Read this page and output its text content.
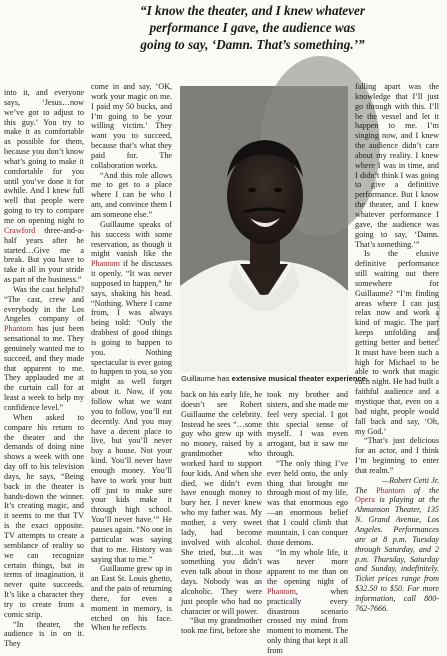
“I know the theater, and I knew whatever
performance I gave, the audience was
going to say, ‘Damn. That’s something.’”

into it, and everyone says, ‘Jesus…now we’ve got to adjust to this guy.’ You try to make it as comfortable as possible for them, because you don’t know what’s going to make it comfortable for you until you’ve done it for awhile. And I knew full well that people were going to try to compare me on opening night to Crawford three-and-a-half years after he started…Give me a break. But you have to take it all in your stride as part of the business.”

Was the cast helpful? “The cast, crew and everybody in the Los Angeles company of Phantom has just been sensational to me. They genuinely wanted me to succeed, and they made that apparent to me. They applauded me at the curtain call for at least a week to help my confidence level.”

When asked to compare his return to the theater and the demands of doing nine shows a week with one day off to his television days, he says, “Being back in the theater is hands-down the winner. It’s creating magic, and it seems to me that TV is the exact opposite. TV attempts to create a semblance of reality so we can recognize certain things, but in terms of imagination, it never quite succeeds. It’s like a character they try to create from a comic strip.

“In theater, the audience is in on it. They

come in and say, ‘OK, work your magic on me. I paid my 50 bucks, and I’m going to be your willing victim.’ They want you to succeed, because that’s what they paid for. The collaboration works.

“And this role allows me to get to a place where I can be who I am, and convince them I am someone else.”

Guillaume speaks of his success with some reservation, as though it might vanish like the Phantom if he discusses it openly. “It was never supposed to happen,” he says, shaking his head. “Nothing. Where I came from, I was always being told: ‘Only the drabbest of good things is going to happen to you. Nothing spectacular is ever going to happen to you, so you might as well forget about it. Now, if you follow what we want you to follow, you’ll eat decently. And you may have a decent place to live, but you’ll never buy a house. Not your kind. You’ll never have enough money. You’ll have to work your butt off just to make sure your kids make it through high school. You’ll never have.’” He pauses again. “No one in particular was saying that to me. History was saying that to me.”

Guillaume grew up in an East St. Louis ghetto, and the pain of returning there, for even a moment in memory, is etched on his face. When he reflects

Guillaume has extensive musical theater experience.
BRENT PURCELL

back on his early life, he doesn’t see Robert Guillaume the celebrity. Instead he sees “…some guy who grew up with no money, raised by a grandmother who worked hard to support four kids. And when she died, we didn’t even have enough money to bury her. I never knew who my father was. My mother, a very sweet lady, had become involved with alcohol. She tried, but…it was something you didn’t even talk about in those days. Nobody was an alcoholic. They were just people who had no character or will power.

“But my grandmother took me first, before she

took my brother and sisters, and she made me feel very special. I got this special sense of myself. I was even arrogant, but it saw me through.

“The only thing I’ve ever held onto, the only thing that brought me through most of my life, was that enormous ego—an enormous belief that I could climb that mountain, I can conquer those demons.

“In my whole life, it was never more apparent to me than on the opening night of Phantom, when practically every disastrous scenario crossed my mind from moment to moment. The only thing that kept it all from

falling apart was the knowledge that I’ll just go through with this. I’ll be the vessel and let it happen to me. I’m singing now, and I knew the audience didn’t care about my reality. I knew where I was in time, and I didn’t think I was going to give a definitive performance. But I know the theater, and I knew whatever performance I gave, the audience was going to say, ‘Damn. That’s something.’”

Is the elusive definitive performance still waiting out there somewhere for Guillaume? “I’m finding areas where I can just relax now and work a kind of magic. The part keeps unfolding and getting better and better. It must have been such a high for Michael to be able to work that magic each night. He had built a faithful audience and a mystique that, even on a bad night, people would fall back and say, ‘Oh, my God.’

“That’s just delicious for an actor, and I think I’m beginning to enter that realm.”

—Robert Cetti Jr.

The Phantom of the Opera is playing at the Ahmanson Theater, 135 N. Grand Avenue, Los Angeles. Performances are at 8 p.m. Tuesday through Saturday, and 2 p.m. Thursday, Saturday and Sunday, indefinitely. Ticket prices range from $32.50 to $50. For more information, call 800-762-7666.
